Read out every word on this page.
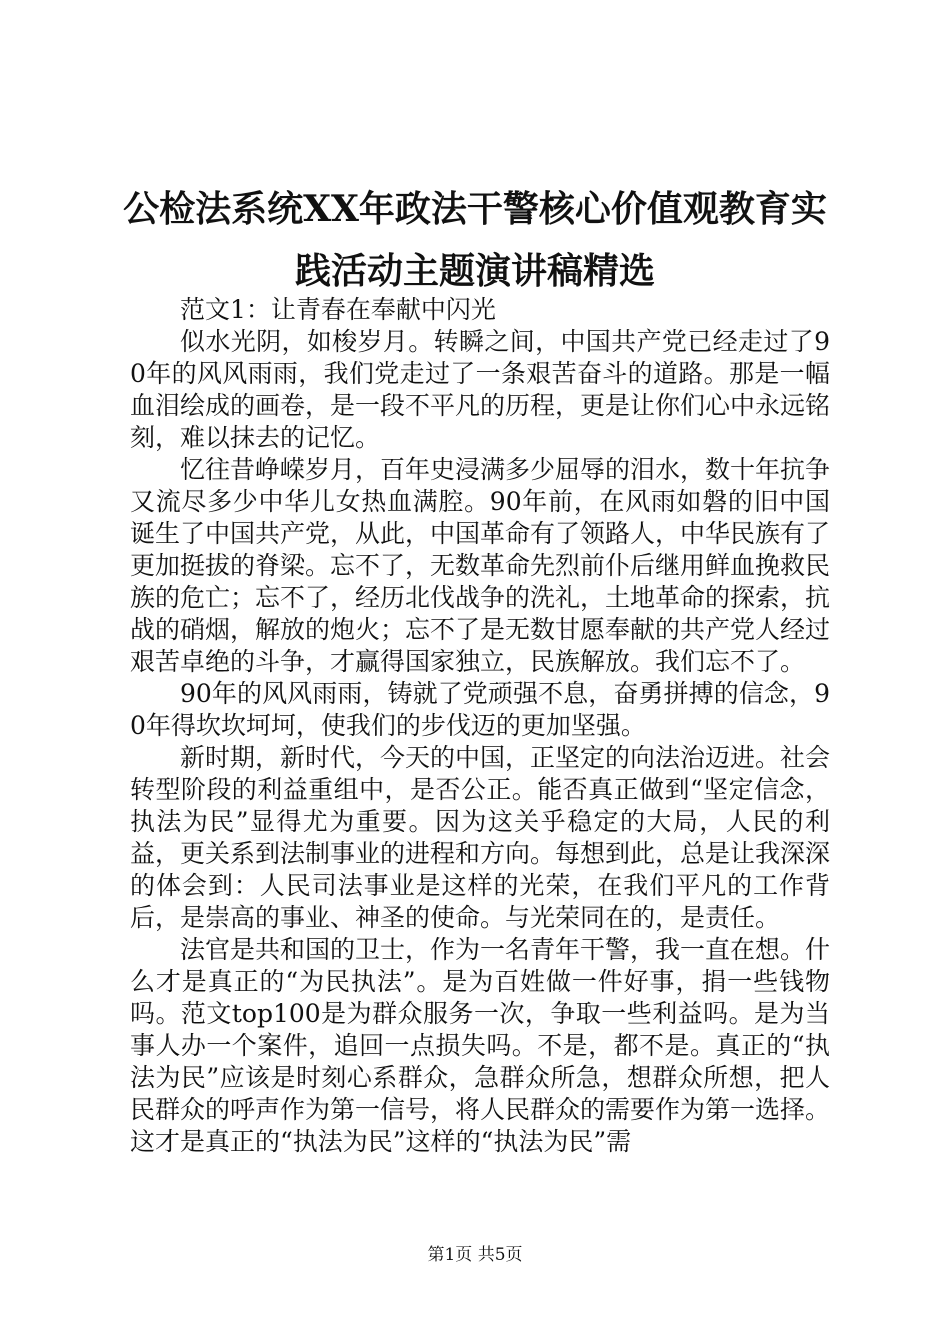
公检法系统XX年政法干警核心价值观教育实
践活动主题演讲稿精选

范文1：让青春在奉献中闪光

似水光阴，如梭岁月。转瞬之间，中国共产党已经走过了90年的风风雨雨，我们党走过了一条艰苦奋斗的道路。那是一幅血泪绘成的画卷，是一段不平凡的历程，更是让你们心中永远铭刻，难以抹去的记忆。

忆往昔峥嵘岁月，百年史浸满多少屈辱的泪水，数十年抗争又流尽多少中华儿女热血满腔。90年前，在风雨如磐的旧中国诞生了中国共产党，从此，中国革命有了领路人，中华民族有了更加挺拔的脊梁。忘不了，无数革命先烈前仆后继用鲜血挽救民族的危亡；忘不了，经历北伐战争的洗礼，土地革命的探索，抗战的硝烟，解放的炮火；忘不了是无数甘愿奉献的共产党人经过艰苦卓绝的斗争，才赢得国家独立，民族解放。我们忘不了。

90年的风风雨雨，铸就了党顽强不息，奋勇拼搏的信念，90年得坎坎坷坷，使我们的步伐迈的更加坚强。

新时期，新时代，今天的中国，正坚定的向法治迈进。社会转型阶段的利益重组中，是否公正。能否真正做到“坚定信念，执法为民”显得尤为重要。因为这关乎稳定的大局，人民的利益，更关系到法制事业的进程和方向。每想到此，总是让我深深的体会到：人民司法事业是这样的光荣，在我们平凡的工作背后，是崇高的事业、神圣的使命。与光荣同在的，是责任。

法官是共和国的卫士，作为一名青年干警，我一直在想。什么才是真正的“为民执法”。是为百姓做一件好事，捐一些钱物吗。范文top100是为群众服务一次，争取一些利益吗。是为当事人办一个案件，追回一点损失吗。不是，都不是。真正的“执法为民”应该是时刻心系群众，急群众所急，想群众所想，把人民群众的呼声作为第一信号，将人民群众的需要作为第一选择。这才是真正的“执法为民”这样的“执法为民”需

第1页 共5页
